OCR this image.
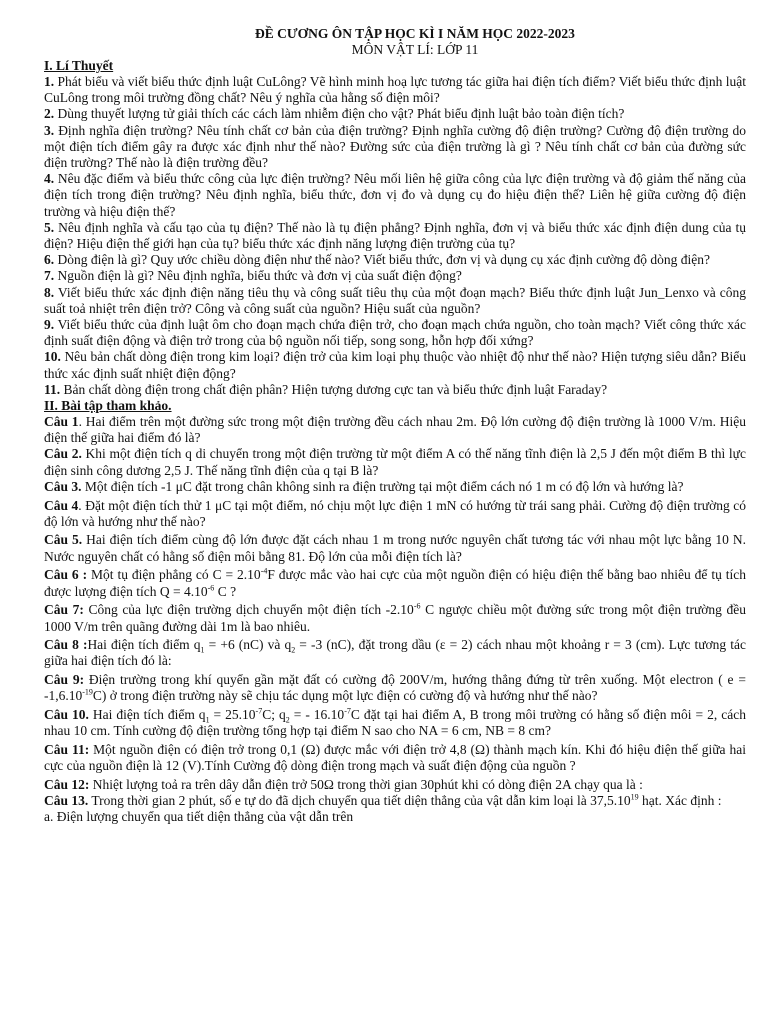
ĐỀ CƯƠNG ÔN TẬP HỌC KÌ I NĂM HỌC 2022-2023
MÔN VẬT LÍ: LỚP 11
I. Lí Thuyết

1. Phát biểu và viết biểu thức định luật CuLông? Vẽ hình minh hoạ lực tương tác giữa hai điện tích điểm? Viết biểu thức định luật CuLông trong môi trường đồng chất? Nêu ý nghĩa của hằng số điện môi?

2. Dùng thuyết lượng tử giải thích các cách làm nhiễm điện cho vật? Phát biểu định luật bảo toàn điện tích?

3. Định nghĩa điện trường? Nêu tính chất cơ bản của điện trường? Định nghĩa cường độ điện trường? Cường độ điện trường do một điện tích điểm gây ra được xác định như thế nào? Đường sức của điện trường là gì ? Nêu tính chất cơ bản của đường sức điện trường? Thế nào là điện trường đều?

4. Nêu đặc điểm và biểu thức công của lực điện trường? Nêu mối liên hệ giữa công của lực điện trường và độ giảm thế năng của điện tích trong điện trường? Nêu định nghĩa, biểu thức, đơn vị đo và dụng cụ đo hiệu điện thế? Liên hệ giữa cường độ điện trường và hiệu điện thế?

5. Nêu định nghĩa và cấu tạo của tụ điện? Thế nào là tụ điện phẳng? Định nghĩa, đơn vị và biểu thức xác định điện dung của tụ điện? Hiệu điện thế giới hạn của tụ? biểu thức xác định năng lượng điện trường của tụ?

6. Dòng điện là gì? Quy ước chiều dòng điện như thế nào? Viết biểu thức, đơn vị và dụng cụ xác định cường độ dòng điện?

7. Nguồn điện là gì? Nêu định nghĩa, biểu thức và đơn vị của suất điện động?

8. Viết biểu thức xác định điện năng tiêu thụ và công suất tiêu thụ của một đoạn mạch? Biểu thức định luật Jun_Lenxo và công suất toả nhiệt trên điện trở? Công và công suất của nguồn? Hiệu suất của nguồn?

9. Viết biểu thức của định luật ôm cho đoạn mạch chứa điện trở, cho đoạn mạch chứa nguồn, cho toàn mạch? Viết công thức xác định suất điện động và điện trở trong của bộ nguồn nối tiếp, song song, hỗn hợp đối xứng?

10. Nêu bản chất dòng điện trong kim loại? điện trở của kim loại phụ thuộc vào nhiệt độ như thế nào? Hiện tượng siêu dẫn? Biểu thức xác định suất nhiệt điện động?

11. Bản chất dòng điện trong chất điện phân? Hiện tượng dương cực tan và biểu thức định luật Faraday?

II. Bài tập tham khảo.

Câu 1. Hai điểm trên một đường sức trong một điện trường đều cách nhau 2m. Độ lớn cường độ điện trường là 1000 V/m. Hiệu điện thế giữa hai điểm đó là?

Câu 2. Khi một điện tích q di chuyển trong một điện trường từ một điểm A có thế năng tĩnh điện là 2,5 J đến một điểm B thì lực điện sinh công dương 2,5 J. Thế năng tĩnh điện của q tại B là?

Câu 3. Một điện tích -1 μC đặt trong chân không sinh ra điện trường tại một điểm cách nó 1 m có độ lớn và hướng là?

Câu 4. Đặt một điện tích thử 1 μC tại một điểm, nó chịu một lực điện 1 mN có hướng từ trái sang phải. Cường độ điện trường có độ lớn và hướng như thế nào?

Câu 5. Hai điện tích điểm cùng độ lớn được đặt cách nhau 1 m trong nước nguyên chất tương tác với nhau một lực bằng 10 N. Nước nguyên chất có hằng số điện môi bằng 81. Độ lớn của mỗi điện tích là?

Câu 6 : Một tụ điện phẳng có $C = 2.10^{-4}F$ được mắc vào hai cực của một nguồn điện có hiệu điện thế bằng bao nhiêu để tụ tích được lượng điện tích $Q = 4.10^{-6}$ C ?

Câu 7: Công của lực điện trường dịch chuyển một điện tích $-2.10^{-6}$ C ngược chiều một đường sức trong một điện trường đều 1000 V/m trên quãng đường dài 1m là bao nhiêu.

Câu 8 :Hai điện tích điểm $q_1 = +6$ (nC) và $q_2 = -3$ (nC), đặt trong dầu (ε = 2) cách nhau một khoảng r = 3 (cm). Lực tương tác giữa hai điện tích đó là:

Câu 9: Điện trường trong khí quyển gần mặt đất có cường độ 200V/m, hướng thẳng đứng từ trên xuống. Một electron ( $e = -1,6.10^{-19}C$) ở trong điện trường này sẽ chịu tác dụng một lực điện có cường độ và hướng như thế nào?

Câu 10. Hai điện tích điểm $q_1 = 25.10^{-7}C$; $q_2$ = - $16.10^{-7}C$ đặt tại hai điểm A, B trong môi trường có hằng số điện môi = 2, cách nhau 10 cm. Tính cường độ điện trường tổng hợp tại điểm N sao cho NA = 6 cm, NB = 8 cm?

Câu 11: Một nguồn điện có điện trở trong 0,1 (Ω) được mắc với điện trở 4,8 (Ω) thành mạch kín. Khi đó hiệu điện thế giữa hai cực của nguồn điện là 12 (V).Tính Cường độ dòng điện trong mạch và suất điện động của nguồn ?

Câu 12: Nhiệt lượng toả ra trên dây dẫn điện trở 50Ω trong thời gian 30phút khi có dòng điện 2A chạy qua là :

Câu 13. Trong thời gian 2 phút, số e tự do đã dịch chuyển qua tiết diện thẳng của vật dẫn kim loại là 37,5.10$^{19}$ hạt. Xác định :

a. Điện lượng chuyển qua tiết diện thẳng của vật dẫn trên
